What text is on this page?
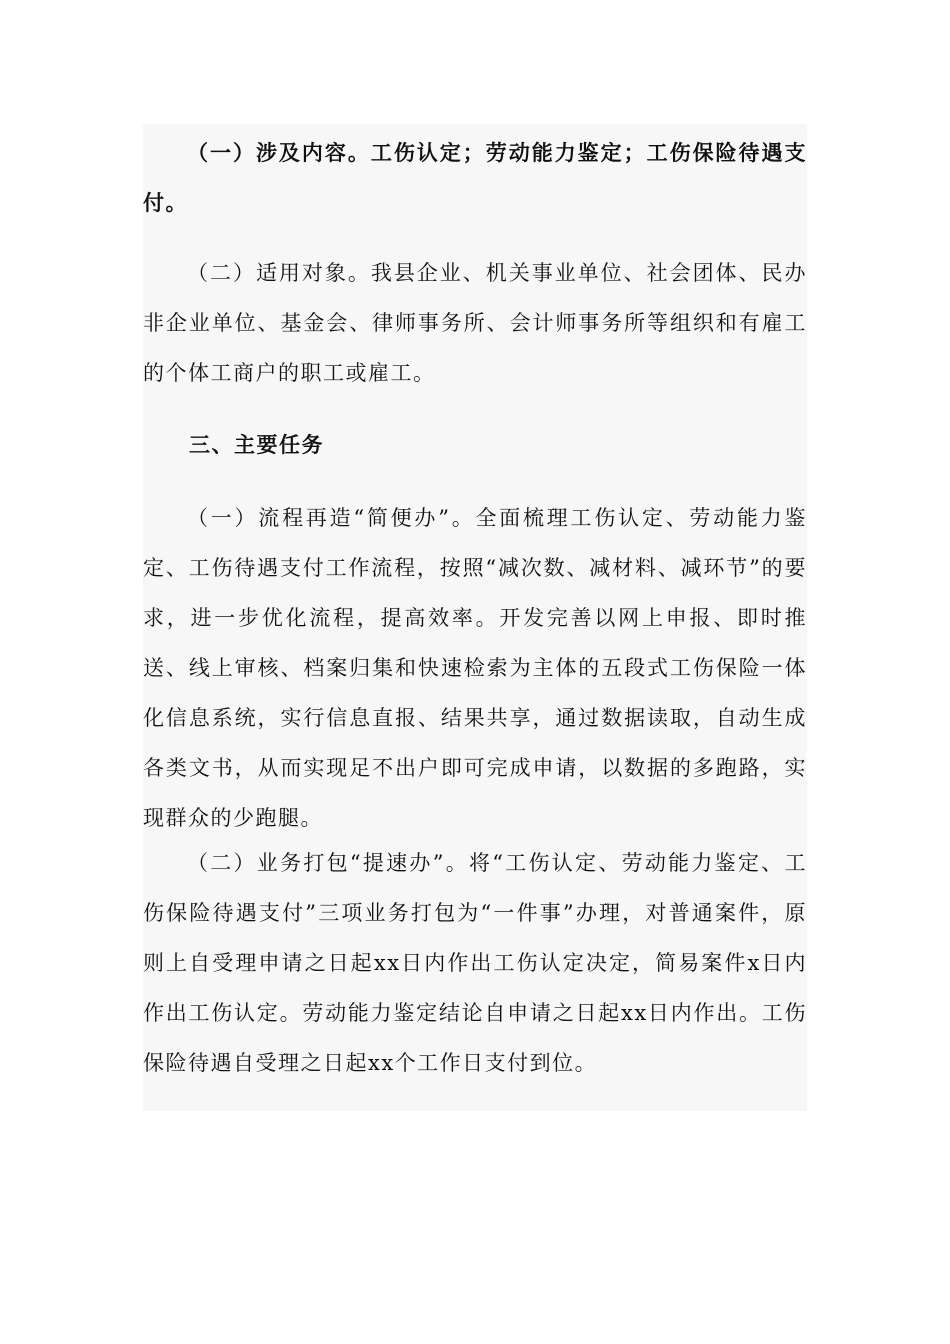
（一）涉及内容。工伤认定；劳动能力鉴定；工伤保险待遇支付。

（二）适用对象。我县企业、机关事业单位、社会团体、民办非企业单位、基金会、律师事务所、会计师事务所等组织和有雇工的个体工商户的职工或雇工。

三、主要任务

（一）流程再造“简便办”。全面梳理工伤认定、劳动能力鉴定、工伤待遇支付工作流程，按照“减次数、减材料、减环节”的要求，进一步优化流程，提高效率。开发完善以网上申报、即时推送、线上审核、档案归集和快速检索为主体的五段式工伤保险一体化信息系统，实行信息直报、结果共享，通过数据读取，自动生成各类文书，从而实现足不出户即可完成申请，以数据的多跑路，实现群众的少跑腿。

（二）业务打包“提速办”。将“工伤认定、劳动能力鉴定、工伤保险待遇支付”三项业务打包为“一件事”办理，对普通案件，原则上自受理申请之日起xx日内作出工伤认定决定，简易案件x日内作出工伤认定。劳动能力鉴定结论自申请之日起xx日内作出。工伤保险待遇自受理之日起xx个工作日支付到位。
